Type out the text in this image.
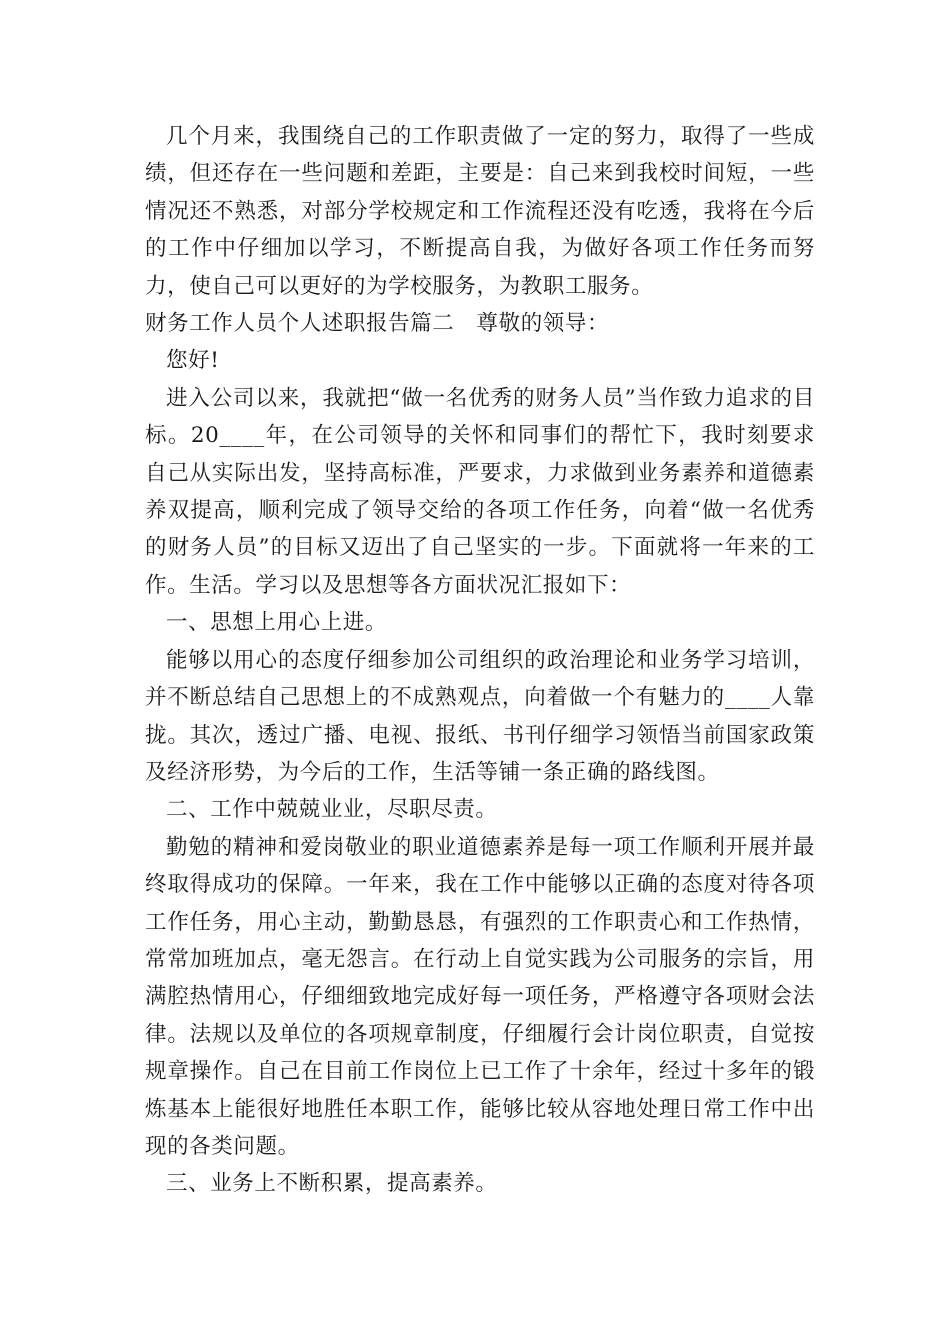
几个月来，我围绕自己的工作职责做了一定的努力，取得了一些成绩，但还存在一些问题和差距，主要是：自己来到我校时间短，一些情况还不熟悉，对部分学校规定和工作流程还没有吃透，我将在今后的工作中仔细加以学习，不断提高自我，为做好各项工作任务而努力，使自己可以更好的为学校服务，为教职工服务。

财务工作人员个人述职报告篇二　尊敬的领导：

您好!

进入公司以来，我就把“做一名优秀的财务人员”当作致力追求的目标。20____年，在公司领导的关怀和同事们的帮忙下，我时刻要求自己从实际出发，坚持高标准，严要求，力求做到业务素养和道德素养双提高，顺利完成了领导交给的各项工作任务，向着“做一名优秀的财务人员”的目标又迈出了自己坚实的一步。下面就将一年来的工作。生活。学习以及思想等各方面状况汇报如下：

一、思想上用心上进。

能够以用心的态度仔细参加公司组织的政治理论和业务学习培训，并不断总结自己思想上的不成熟观点，向着做一个有魅力的____人靠拢。其次，透过广播、电视、报纸、书刊仔细学习领悟当前国家政策及经济形势，为今后的工作，生活等铺一条正确的路线图。

二、工作中兢兢业业，尽职尽责。

勤勉的精神和爱岗敬业的职业道德素养是每一项工作顺利开展并最终取得成功的保障。一年来，我在工作中能够以正确的态度对待各项工作任务，用心主动，勤勤恳恳，有强烈的工作职责心和工作热情，常常加班加点，毫无怨言。在行动上自觉实践为公司服务的宗旨，用满腔热情用心，仔细细致地完成好每一项任务，严格遵守各项财会法律。法规以及单位的各项规章制度，仔细履行会计岗位职责，自觉按规章操作。自己在目前工作岗位上已工作了十余年，经过十多年的锻炼基本上能很好地胜任本职工作，能够比较从容地处理日常工作中出现的各类问题。

三、业务上不断积累，提高素养。
